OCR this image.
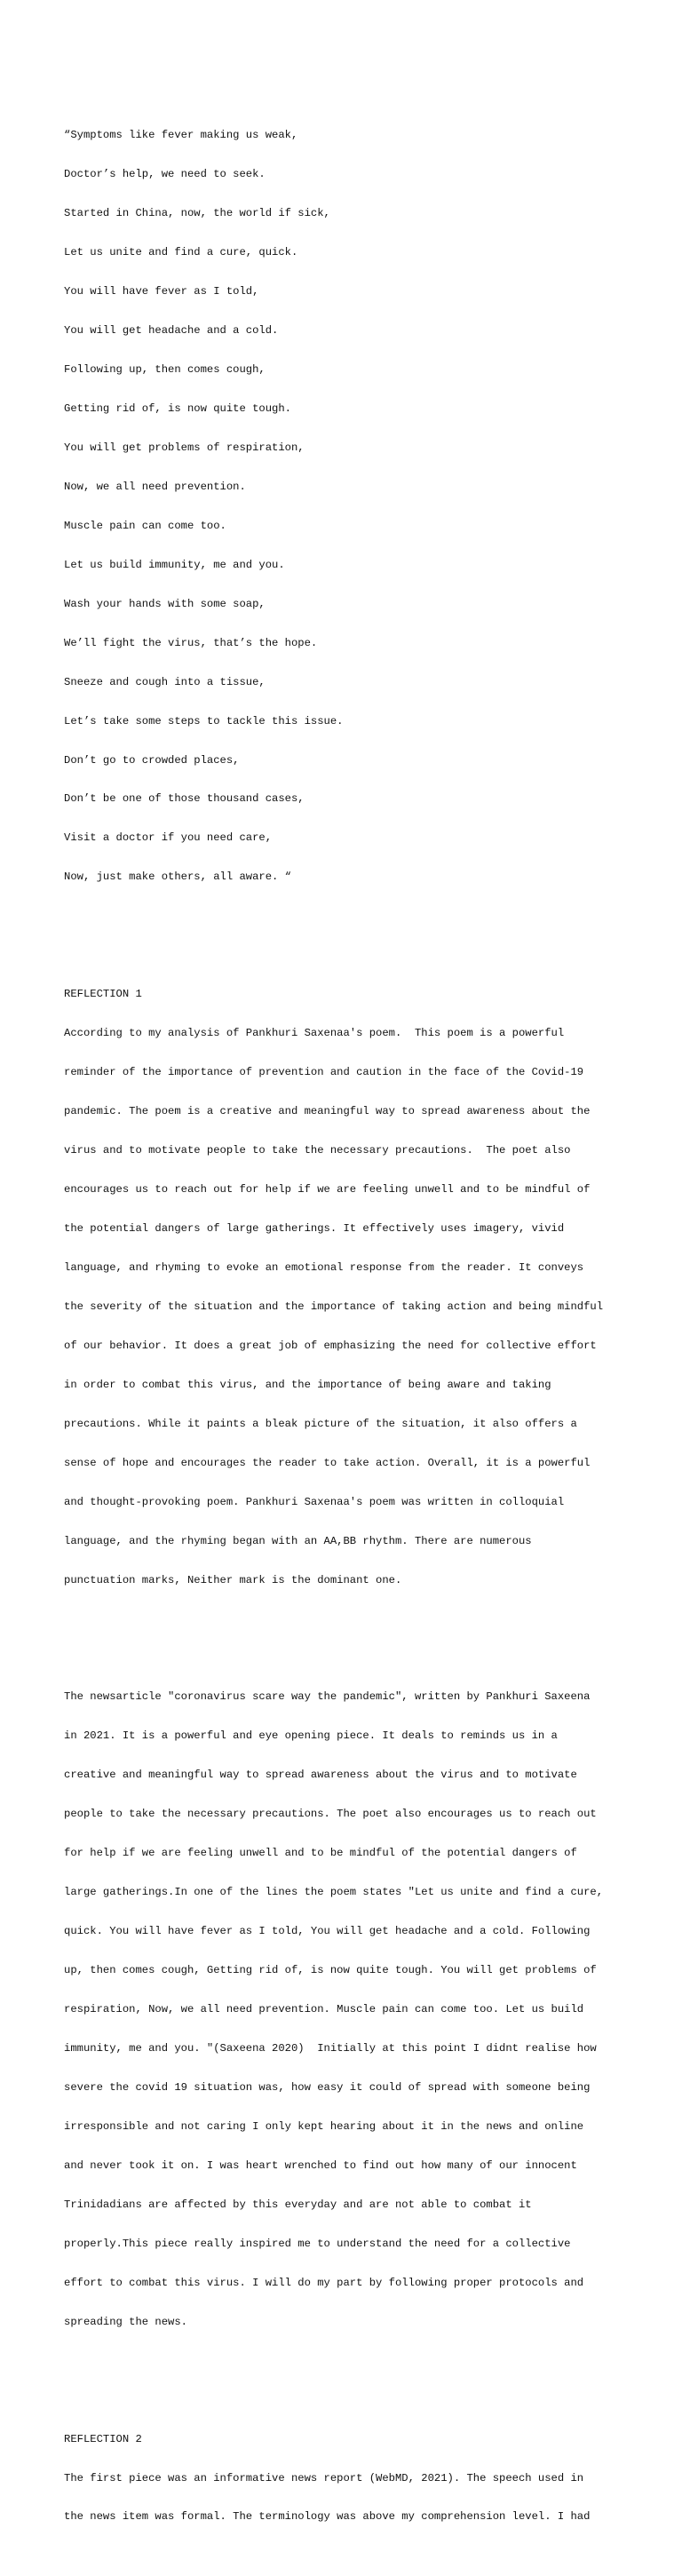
“Symptoms like fever making us weak,

Doctor’s help, we need to seek.

Started in China, now, the world if sick,

Let us unite and find a cure, quick.

You will have fever as I told,

You will get headache and a cold.

Following up, then comes cough,

Getting rid of, is now quite tough.

You will get problems of respiration,

Now, we all need prevention.

Muscle pain can come too.

Let us build immunity, me and you.

Wash your hands with some soap,

We’ll fight the virus, that’s the hope.

Sneeze and cough into a tissue,

Let’s take some steps to tackle this issue.

Don’t go to crowded places,

Don’t be one of those thousand cases,

Visit a doctor if you need care,

Now, just make others, all aware. “

REFLECTION 1

According to my analysis of Pankhuri Saxenaa's poem.  This poem is a powerful

reminder of the importance of prevention and caution in the face of the Covid-19

pandemic. The poem is a creative and meaningful way to spread awareness about the

virus and to motivate people to take the necessary precautions.  The poet also

encourages us to reach out for help if we are feeling unwell and to be mindful of

the potential dangers of large gatherings. It effectively uses imagery, vivid

language, and rhyming to evoke an emotional response from the reader. It conveys

the severity of the situation and the importance of taking action and being mindful

of our behavior. It does a great job of emphasizing the need for collective effort

in order to combat this virus, and the importance of being aware and taking

precautions. While it paints a bleak picture of the situation, it also offers a

sense of hope and encourages the reader to take action. Overall, it is a powerful

and thought-provoking poem. Pankhuri Saxenaa's poem was written in colloquial

language, and the rhyming began with an AA,BB rhythm. There are numerous

punctuation marks, Neither mark is the dominant one.

The newsarticle "coronavirus scare way the pandemic", written by Pankhuri Saxeena

in 2021. It is a powerful and eye opening piece. It deals to reminds us in a

creative and meaningful way to spread awareness about the virus and to motivate

people to take the necessary precautions. The poet also encourages us to reach out

for help if we are feeling unwell and to be mindful of the potential dangers of

large gatherings.In one of the lines the poem states "Let us unite and find a cure,

quick. You will have fever as I told, You will get headache and a cold. Following

up, then comes cough, Getting rid of, is now quite tough. You will get problems of

respiration, Now, we all need prevention. Muscle pain can come too. Let us build

immunity, me and you. "(Saxeena 2020)  Initially at this point I didnt realise how

severe the covid 19 situation was, how easy it could of spread with someone being

irresponsible and not caring I only kept hearing about it in the news and online

and never took it on. I was heart wrenched to find out how many of our innocent

Trinidadians are affected by this everyday and are not able to combat it

properly.This piece really inspired me to understand the need for a collective

effort to combat this virus. I will do my part by following proper protocols and

spreading the news.

REFLECTION 2

The first piece was an informative news report (WebMD, 2021). The speech used in

the news item was formal. The terminology was above my comprehension level. I had
